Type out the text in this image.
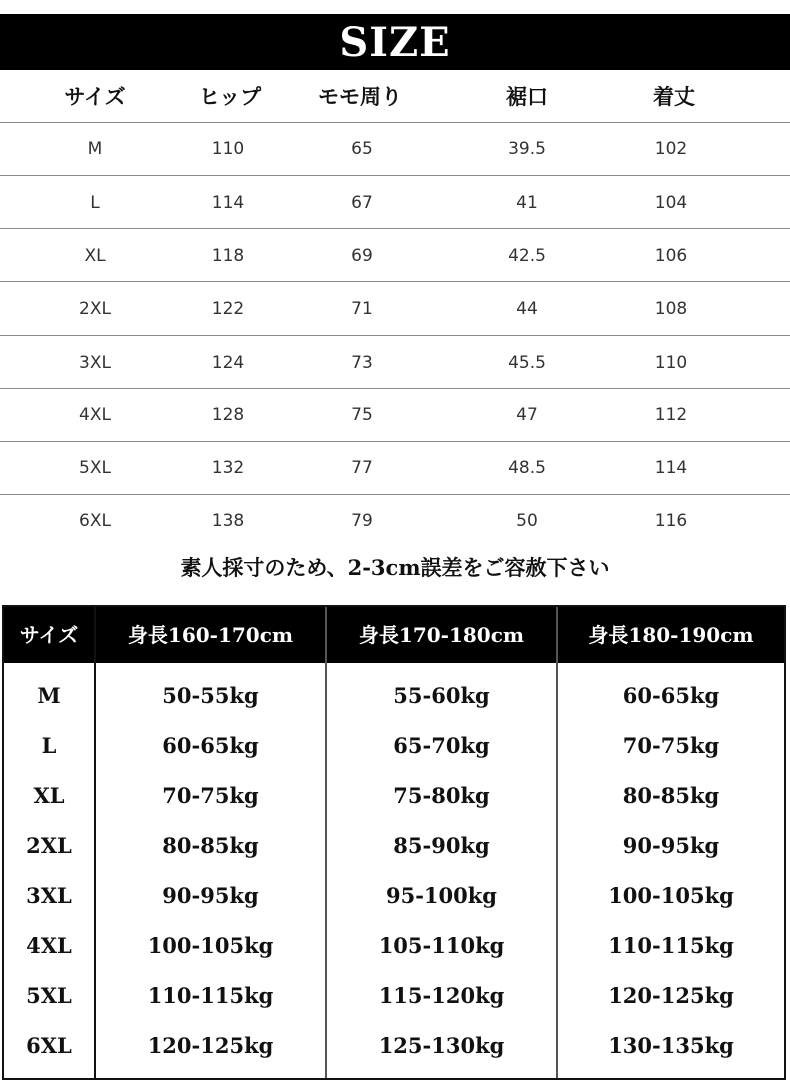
SIZE
サイズ	ヒップ	モモ周り	裾口	着丈
M	110	65	39.5	102
L	114	67	41	104
XL	118	69	42.5	106
2XL	122	71	44	108
3XL	124	73	45.5	110
4XL	128	75	47	112
5XL	132	77	48.5	114
6XL	138	79	50	116
素人採寸のため、2-3cm誤差をご容赦下さい
サイズ	身長160-170cm	身長170-180cm	身長180-190cm
M	50-55kg	55-60kg	60-65kg
L	60-65kg	65-70kg	70-75kg
XL	70-75kg	75-80kg	80-85kg
2XL	80-85kg	85-90kg	90-95kg
3XL	90-95kg	95-100kg	100-105kg
4XL	100-105kg	105-110kg	110-115kg
5XL	110-115kg	115-120kg	120-125kg
6XL	120-125kg	125-130kg	130-135kg
